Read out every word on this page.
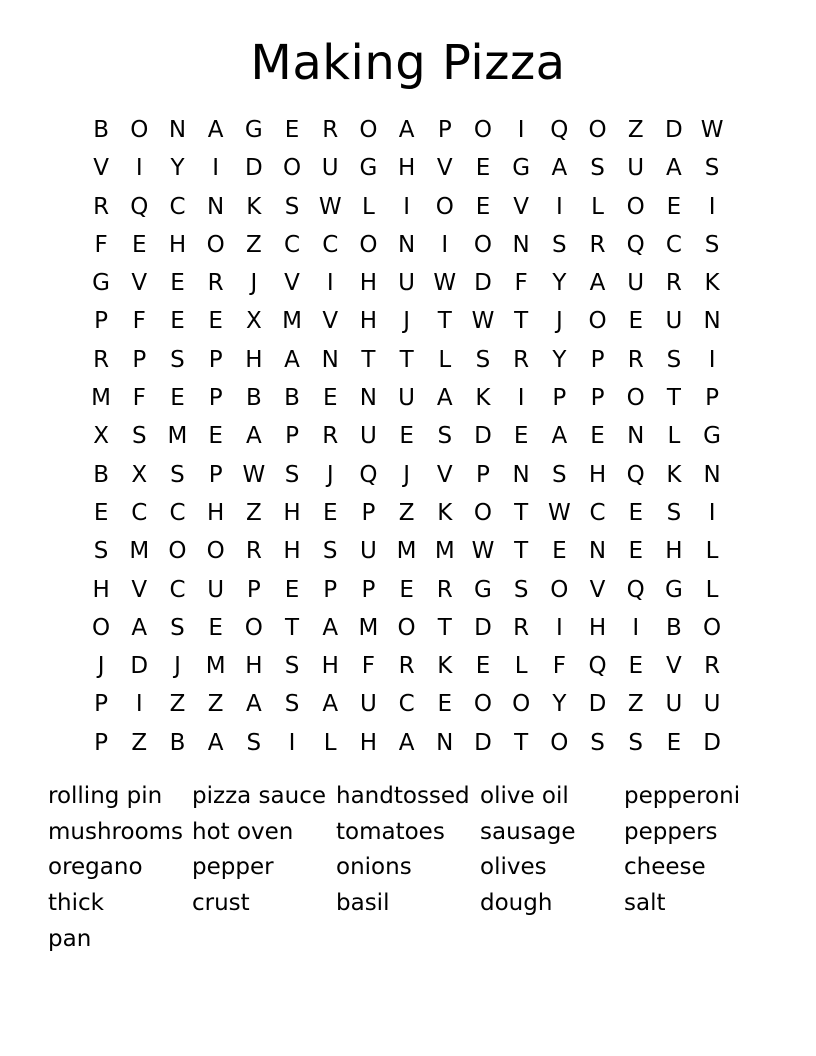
Making Pizza
B O N A G E R O A	P O	I	Q O Z D W
V	I	Y	I	D O U G H V	E G A	S U A	S
R Q C N K	S W L	I	O E	V	I	L O E	I
F	E H O Z C C O N	I	O N S R Q C S
G V	E R	J	V	I	H U W D F	Y	A U R K
P	F	E	E	X M V H	J	T W T	J	O E U N
R	P	S	P H A N T	T	L	S R	Y	P	R S	I
M F	E	P	B B	E N U A K	I	P	P O T	P
X	S M E	A	P	R U E	S D E	A	E N	L G
B X	S	P W S	J	Q	J	V	P N S H Q K N
E C C H Z H E	P	Z K O T W C E	S	I
S M O O R H S U M M W T	E N E H	L
H V C U P	E	P	P	E R G S O V Q G L
O A	S	E O T	A M O T D R	I	H	I	B O
J	D	J	M H S H F	R K	E	L	F Q E	V R
P	I	Z Z A	S	A U C E O O Y D Z U U
P	Z B A	S	I	L	H A N D T O S	S	E D
rolling pin	pizza sauce handtossed olive oil	pepperoni
mushrooms hot oven	tomatoes	sausage	peppers
oregano	pepper	onions	olives	cheese
thick	crust	basil	dough	salt
pan
